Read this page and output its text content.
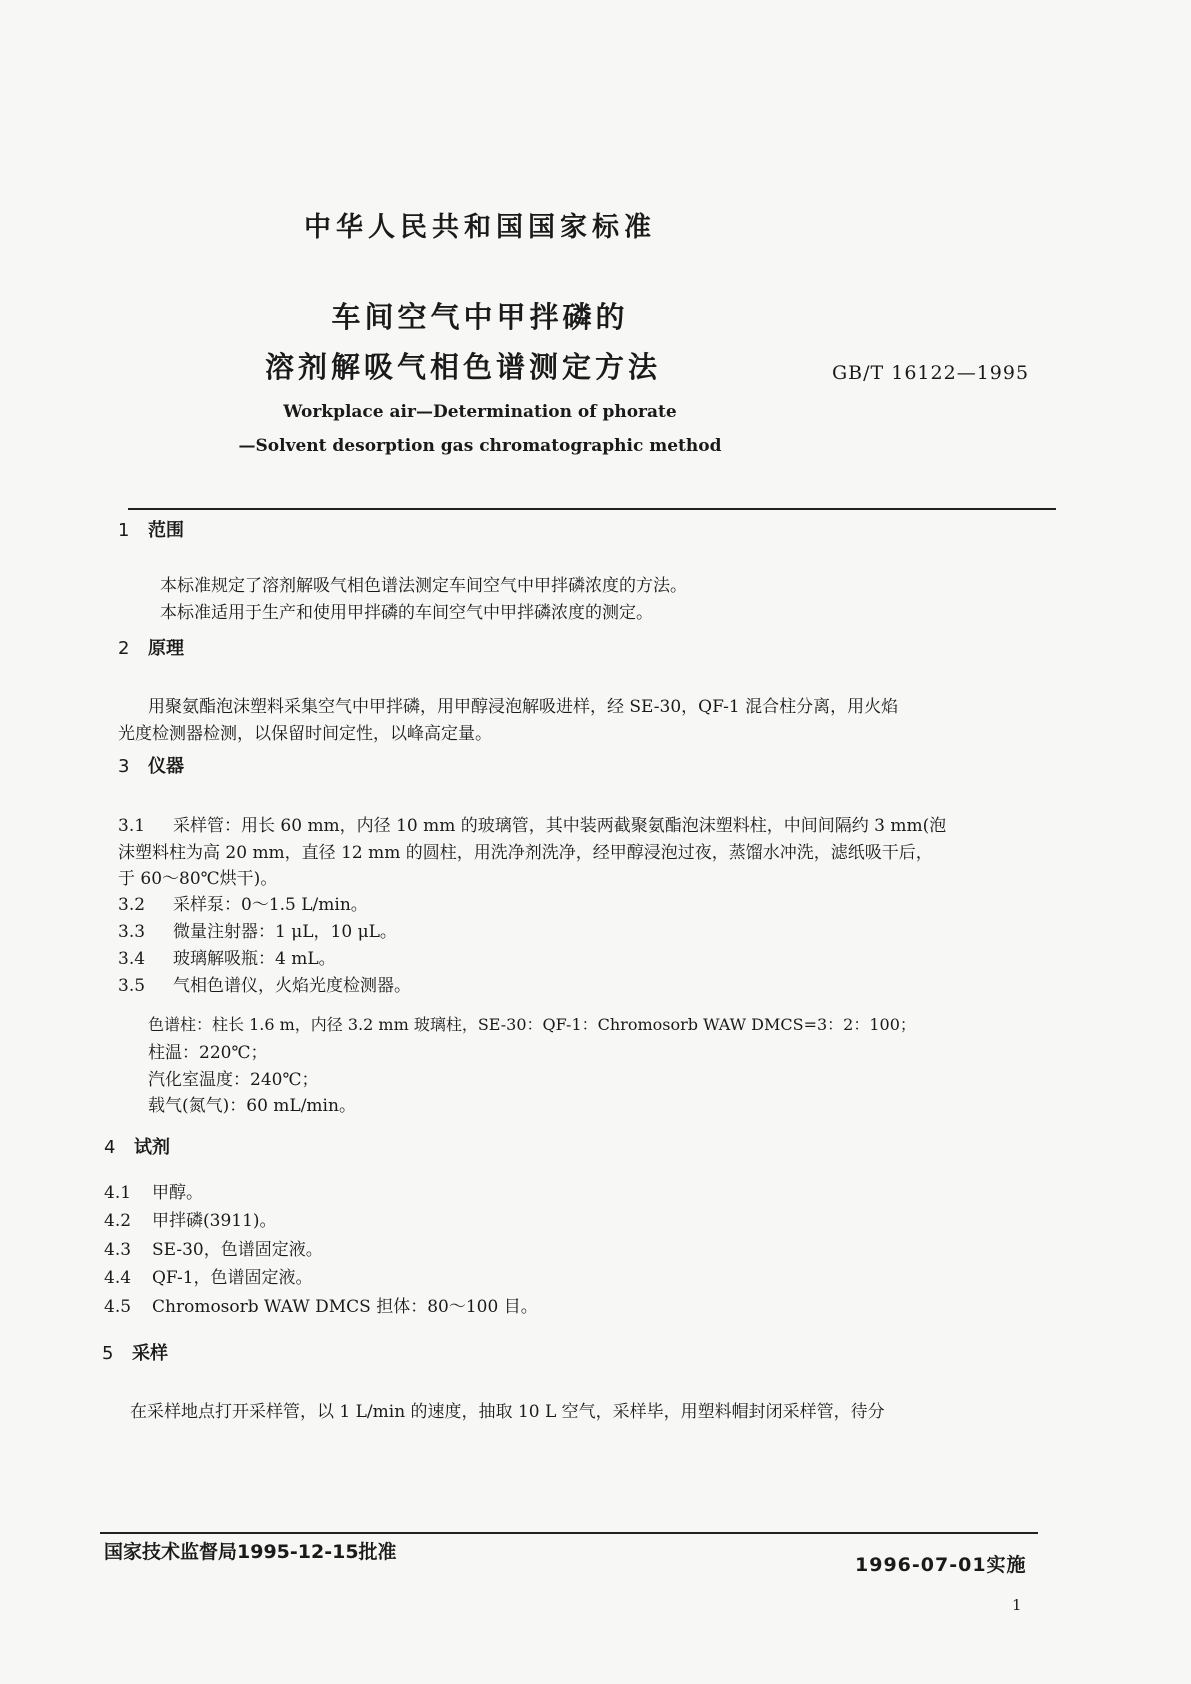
中华人民共和国国家标准
车间空气中甲拌磷的
溶剂解吸气相色谱测定方法	GB/T 16122—1995
Workplace air—Determination of phorate
—Solvent desorption gas chromatographic method
1 范围
本标准规定了溶剂解吸气相色谱法测定车间空气中甲拌磷浓度的方法。
本标准适用于生产和使用甲拌磷的车间空气中甲拌磷浓度的测定。
2 原理
用聚氨酯泡沫塑料采集空气中甲拌磷，用甲醇浸泡解吸进样，经 SE-30，QF-1 混合柱分离，用火焰
光度检测器检测，以保留时间定性，以峰高定量。
3 仪器
3.1 采样管：用长 60 mm，内径 10 mm 的玻璃管，其中装两截聚氨酯泡沫塑料柱，中间间隔约 3 mm(泡
沫塑料柱为高 20 mm，直径 12 mm 的圆柱，用洗净剂洗净，经甲醇浸泡过夜，蒸馏水冲洗，滤纸吸干后，
于 60～80℃烘干)。
3.2 采样泵：0～1.5 L/min。
3.3 微量注射器：1 μL，10 μL。
3.4 玻璃解吸瓶：4 mL。
3.5 气相色谱仪，火焰光度检测器。
色谱柱：柱长 1.6 m，内径 3.2 mm 玻璃柱，SE-30：QF-1：Chromosorb WAW DMCS=3：2：100；
柱温：220℃；
汽化室温度：240℃；
载气(氮气)：60 mL/min。
4 试剂
4.1 甲醇。
4.2 甲拌磷(3911)。
4.3 SE-30，色谱固定液。
4.4 QF-1，色谱固定液。
4.5 Chromosorb WAW DMCS 担体：80～100 目。
5 采样
在采样地点打开采样管，以 1 L/min 的速度，抽取 10 L 空气，采样毕，用塑料帽封闭采样管，待分
国家技术监督局1995-12-15批准
1996-07-01实施
1
